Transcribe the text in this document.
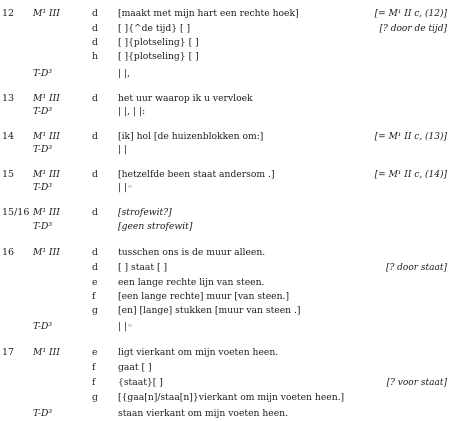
12 M¹ III	d [maakt met mijn hart een rechte hoek]	[= M¹ II c, (12)]
d [ ]{^de tijd} [ ]	[? door de tijd]
d [ ]{plotseling} [ ]
h [ ]{plotseling} [ ]
T-D³	| |,
13 M¹ III	d het uur waarop ik u vervloek
T-D³	| |, | |:
14 M¹ III	d [ik] hol [de huizenblokken om:]	[= M¹ II c, (13)]
T-D³	| |
15 M¹ III	d [hetzelfde been staat andersom .]	[= M¹ II c, (14)]
T-D³	| |◦
15/16 M¹ III	d [strofewit?]
T-D³	[geen strofewit]
16 M¹ III	d tusschen ons is de muur alleen.
d [ ] staat [ ]	[? door staat]
e een lange rechte lijn van steen.
f [een lange rechte] muur [van steen.]
g [en] [lange] stukken [muur van steen .]
T-D³	| |◦
17 M¹ III	e ligt vierkant om mijn voeten heen.
f gaat [ ]
f {staat}[ ]	[? voor staat]
g [{gaa[n]/staa[n]}vierkant om mijn voeten heen.]
T-D³	staan vierkant om mijn voeten heen.
